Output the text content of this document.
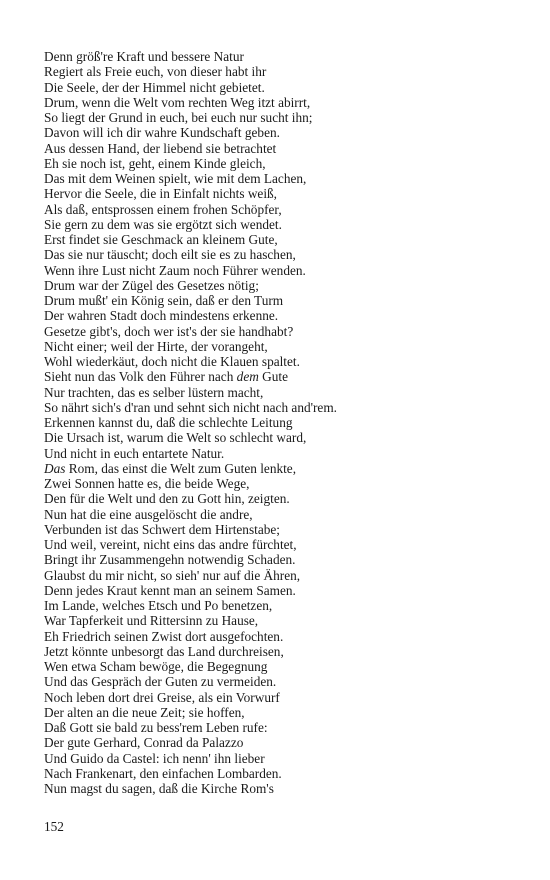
Denn größ're Kraft und bessere Natur
Regiert als Freie euch, von dieser habt ihr
Die Seele, der der Himmel nicht gebietet.
Drum, wenn die Welt vom rechten Weg itzt abirrt,
So liegt der Grund in euch, bei euch nur sucht ihn;
Davon will ich dir wahre Kundschaft geben.
Aus dessen Hand, der liebend sie betrachtet
Eh sie noch ist, geht, einem Kinde gleich,
Das mit dem Weinen spielt, wie mit dem Lachen,
Hervor die Seele, die in Einfalt nichts weiß,
Als daß, entsprossen einem frohen Schöpfer,
Sie gern zu dem was sie ergötzt sich wendet.
Erst findet sie Geschmack an kleinem Gute,
Das sie nur täuscht; doch eilt sie es zu haschen,
Wenn ihre Lust nicht Zaum noch Führer wenden.
Drum war der Zügel des Gesetzes nötig;
Drum mußt' ein König sein, daß er den Turm
Der wahren Stadt doch mindestens erkenne.
Gesetze gibt's, doch wer ist's der sie handhabt?
Nicht einer; weil der Hirte, der vorangeht,
Wohl wiederkäut, doch nicht die Klauen spaltet.
Sieht nun das Volk den Führer nach dem Gute
Nur trachten, das es selber lüstern macht,
So nährt sich's d'ran und sehnt sich nicht nach and'rem.
Erkennen kannst du, daß die schlechte Leitung
Die Ursach ist, warum die Welt so schlecht ward,
Und nicht in euch entartete Natur.
Das Rom, das einst die Welt zum Guten lenkte,
Zwei Sonnen hatte es, die beide Wege,
Den für die Welt und den zu Gott hin, zeigten.
Nun hat die eine ausgelöscht die andre,
Verbunden ist das Schwert dem Hirtenstabe;
Und weil, vereint, nicht eins das andre fürchtet,
Bringt ihr Zusammengehn notwendig Schaden.
Glaubst du mir nicht, so sieh' nur auf die Ähren,
Denn jedes Kraut kennt man an seinem Samen.
Im Lande, welches Etsch und Po benetzen,
War Tapferkeit und Rittersinn zu Hause,
Eh Friedrich seinen Zwist dort ausgefochten.
Jetzt könnte unbesorgt das Land durchreisen,
Wen etwa Scham bewöge, die Begegnung
Und das Gespräch der Guten zu vermeiden.
Noch leben dort drei Greise, als ein Vorwurf
Der alten an die neue Zeit; sie hoffen,
Daß Gott sie bald zu bess'rem Leben rufe:
Der gute Gerhard, Conrad da Palazzo
Und Guido da Castel: ich nenn' ihn lieber
Nach Frankenart, den einfachen Lombarden.
Nun magst du sagen, daß die Kirche Rom's
152
